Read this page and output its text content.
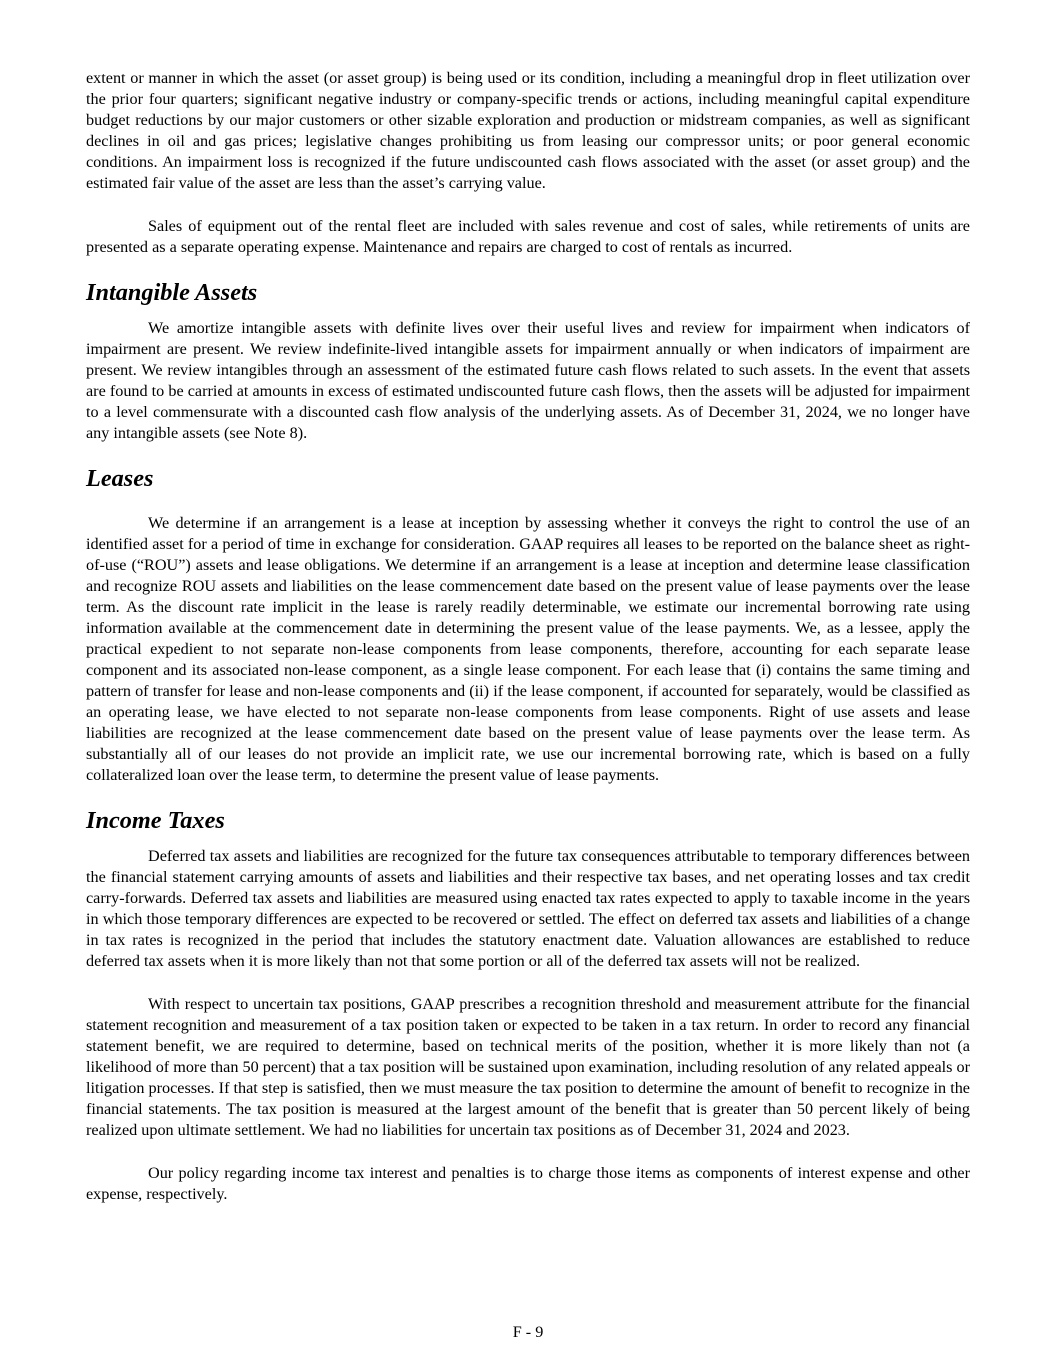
extent or manner in which the asset (or asset group) is being used or its condition, including a meaningful drop in fleet utilization over the prior four quarters; significant negative industry or company-specific trends or actions, including meaningful capital expenditure budget reductions by our major customers or other sizable exploration and production or midstream companies, as well as significant declines in oil and gas prices; legislative changes prohibiting us from leasing our compressor units; or poor general economic conditions. An impairment loss is recognized if the future undiscounted cash flows associated with the asset (or asset group) and the estimated fair value of the asset are less than the asset’s carrying value.

Sales of equipment out of the rental fleet are included with sales revenue and cost of sales, while retirements of units are presented as a separate operating expense. Maintenance and repairs are charged to cost of rentals as incurred.

Intangible Assets

We amortize intangible assets with definite lives over their useful lives and review for impairment when indicators of impairment are present. We review indefinite-lived intangible assets for impairment annually or when indicators of impairment are present. We review intangibles through an assessment of the estimated future cash flows related to such assets. In the event that assets are found to be carried at amounts in excess of estimated undiscounted future cash flows, then the assets will be adjusted for impairment to a level commensurate with a discounted cash flow analysis of the underlying assets. As of December 31, 2024, we no longer have any intangible assets (see Note 8).

Leases

We determine if an arrangement is a lease at inception by assessing whether it conveys the right to control the use of an identified asset for a period of time in exchange for consideration. GAAP requires all leases to be reported on the balance sheet as right-of-use (“ROU”) assets and lease obligations. We determine if an arrangement is a lease at inception and determine lease classification and recognize ROU assets and liabilities on the lease commencement date based on the present value of lease payments over the lease term. As the discount rate implicit in the lease is rarely readily determinable, we estimate our incremental borrowing rate using information available at the commencement date in determining the present value of the lease payments. We, as a lessee, apply the practical expedient to not separate non-lease components from lease components, therefore, accounting for each separate lease component and its associated non-lease component, as a single lease component. For each lease that (i) contains the same timing and pattern of transfer for lease and non-lease components and (ii) if the lease component, if accounted for separately, would be classified as an operating lease, we have elected to not separate non-lease components from lease components. Right of use assets and lease liabilities are recognized at the lease commencement date based on the present value of lease payments over the lease term. As substantially all of our leases do not provide an implicit rate, we use our incremental borrowing rate, which is based on a fully collateralized loan over the lease term, to determine the present value of lease payments.

Income Taxes

Deferred tax assets and liabilities are recognized for the future tax consequences attributable to temporary differences between the financial statement carrying amounts of assets and liabilities and their respective tax bases, and net operating losses and tax credit carry-forwards. Deferred tax assets and liabilities are measured using enacted tax rates expected to apply to taxable income in the years in which those temporary differences are expected to be recovered or settled. The effect on deferred tax assets and liabilities of a change in tax rates is recognized in the period that includes the statutory enactment date. Valuation allowances are established to reduce deferred tax assets when it is more likely than not that some portion or all of the deferred tax assets will not be realized.

With respect to uncertain tax positions, GAAP prescribes a recognition threshold and measurement attribute for the financial statement recognition and measurement of a tax position taken or expected to be taken in a tax return. In order to record any financial statement benefit, we are required to determine, based on technical merits of the position, whether it is more likely than not (a likelihood of more than 50 percent) that a tax position will be sustained upon examination, including resolution of any related appeals or litigation processes. If that step is satisfied, then we must measure the tax position to determine the amount of benefit to recognize in the financial statements. The tax position is measured at the largest amount of the benefit that is greater than 50 percent likely of being realized upon ultimate settlement. We had no liabilities for uncertain tax positions as of December 31, 2024 and 2023.

Our policy regarding income tax interest and penalties is to charge those items as components of interest expense and other expense, respectively.

F - 9
